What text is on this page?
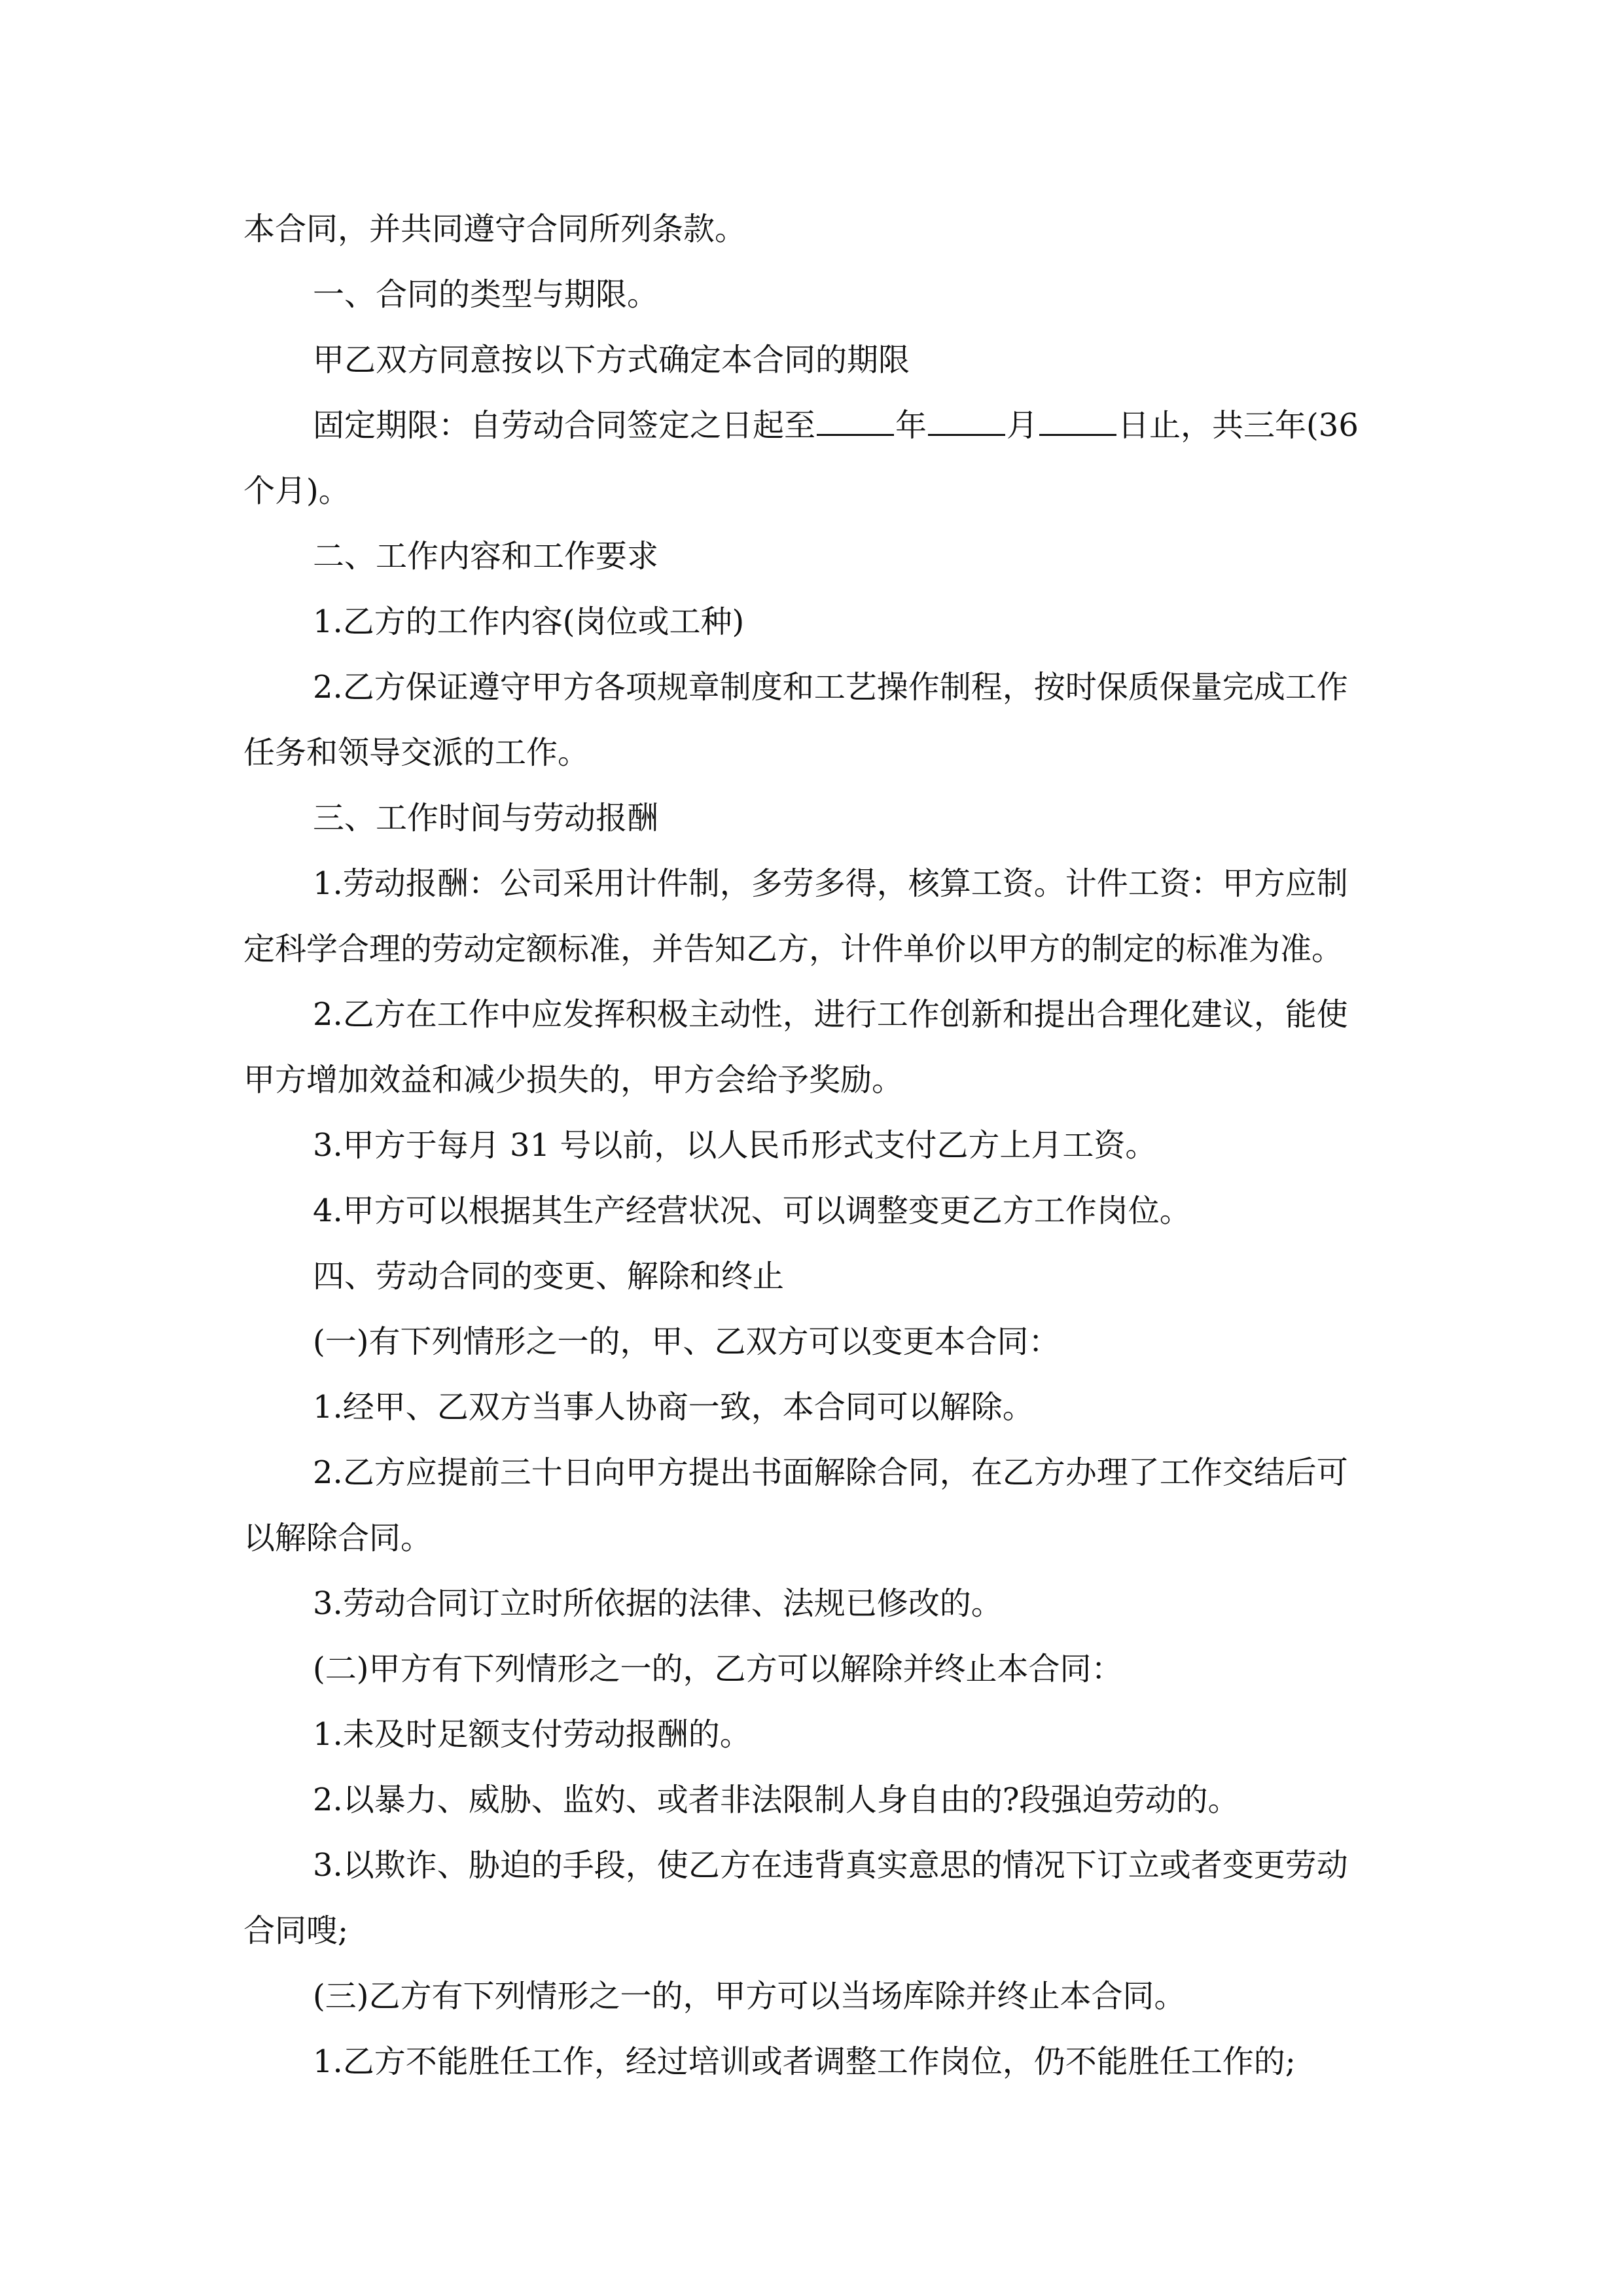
本合同，并共同遵守合同所列条款。
一、合同的类型与期限。
甲乙双方同意按以下方式确定本合同的期限
固定期限：自劳动合同签定之日起至	年	月	日止，共三年(36
个月)。
二、工作内容和工作要求
1.乙方的工作内容(岗位或工种)
2.乙方保证遵守甲方各项规章制度和工艺操作制程，按时保质保量完成工作
任务和领导交派的工作。
三、工作时间与劳动报酬
1.劳动报酬：公司采用计件制，多劳多得，核算工资。计件工资：甲方应制
定科学合理的劳动定额标准，并告知乙方，计件单价以甲方的制定的标准为准。
2.乙方在工作中应发挥积极主动性，进行工作创新和提出合理化建议，能使
甲方增加效益和减少损失的，甲方会给予奖励。
3.甲方于每月 31 号以前，以人民币形式支付乙方上月工资。
4.甲方可以根据其生产经营状况、可以调整变更乙方工作岗位。
四、劳动合同的变更、解除和终止
(一)有下列情形之一的，甲、乙双方可以变更本合同：
1.经甲、乙双方当事人协商一致，本合同可以解除。
2.乙方应提前三十日向甲方提出书面解除合同，在乙方办理了工作交结后可
以解除合同。
3.劳动合同订立时所依据的法律、法规已修改的。
(二)甲方有下列情形之一的，乙方可以解除并终止本合同：
1.未及时足额支付劳动报酬的。
2.以暴力、威胁、监妁、或者非法限制人身自由的?段强迫劳动的。
3.以欺诈、胁迫的手段，使乙方在违背真实意思的情况下订立或者变更劳动
合同嗖;
(三)乙方有下列情形之一的，甲方可以当场库除并终止本合同。
1.乙方不能胜任工作，经过培训或者调整工作岗位，仍不能胜任工作的;
